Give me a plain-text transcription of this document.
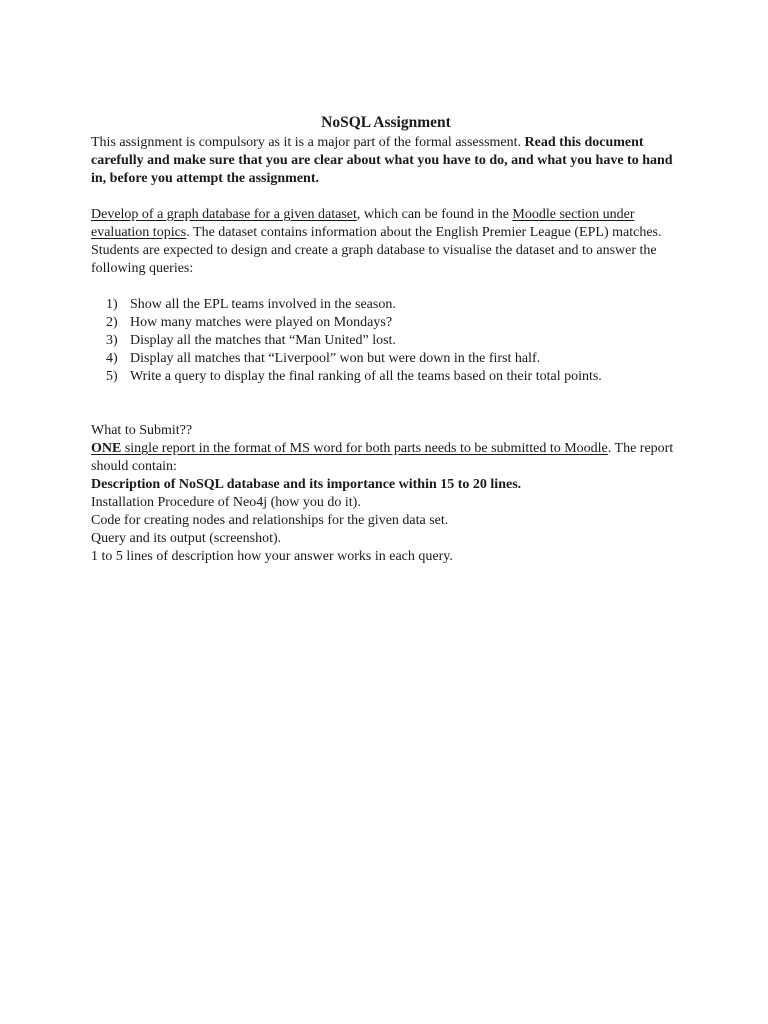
NoSQL Assignment

This assignment is compulsory as it is a major part of the formal assessment. Read this document carefully and make sure that you are clear about what you have to do, and what you have to hand in, before you attempt the assignment.

Develop of a graph database for a given dataset, which can be found in the Moodle section under evaluation topics. The dataset contains information about the English Premier League (EPL) matches. Students are expected to design and create a graph database to visualise the dataset and to answer the following queries:

1) Show all the EPL teams involved in the season.
2) How many matches were played on Mondays?
3) Display all the matches that “Man United” lost.
4) Display all matches that “Liverpool” won but were down in the first half.
5) Write a query to display the final ranking of all the teams based on their total points.

What to Submit??

ONE single report in the format of MS word for both parts needs to be submitted to Moodle. The report should contain:

Description of NoSQL database and its importance within 15 to 20 lines.

Installation Procedure of Neo4j (how you do it).

Code for creating nodes and relationships for the given data set.

Query and its output (screenshot).

1 to 5 lines of description how your answer works in each query.
